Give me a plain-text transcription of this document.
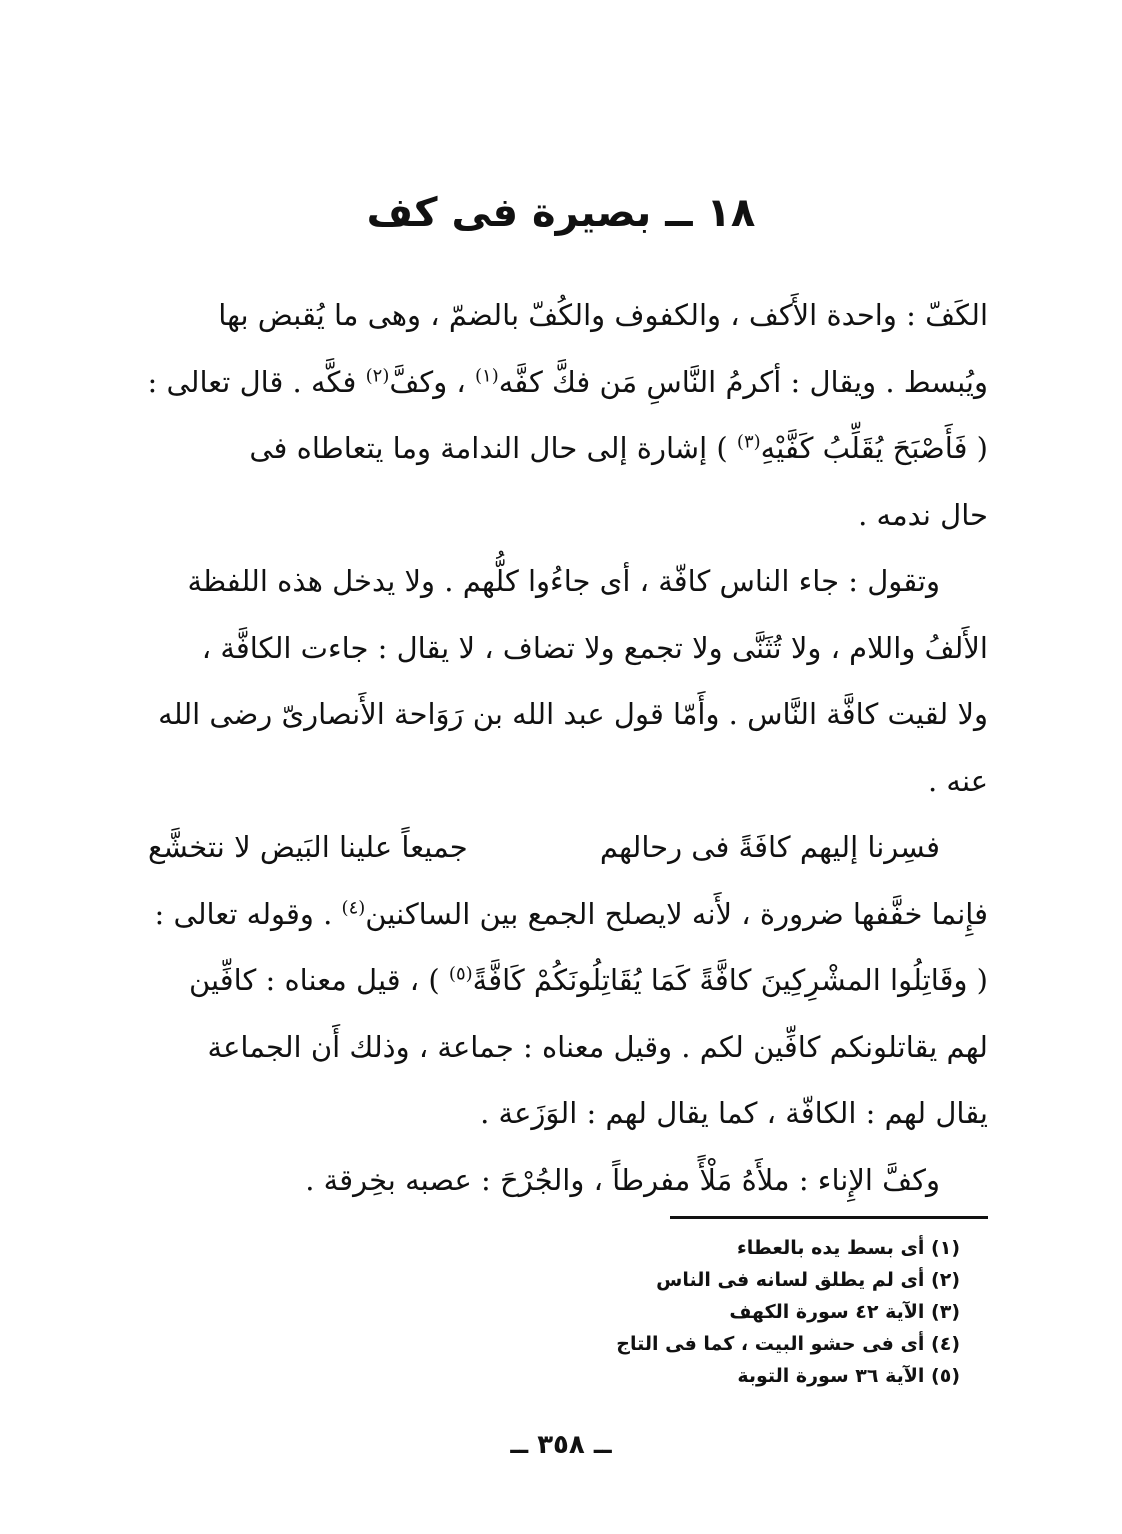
١٨ ــ بصيرة فى كف

الكَفّ : واحدة الأَكف ، والكفوف والكُفّ بالضمّ ، وهى ما يُقبض بها
ويُبسط . ويقال : أكرمُ النَّاسِ مَن فكَّ كفَّه$^{(١)}$ ، وكفَّ$^{(٢)}$ فكَّه . قال تعالى :
( فَأَصْبَحَ يُقَلِّبُ كَفَّيْهِ$^{(٣)}$ ) إشارة إلى حال الندامة وما يتعاطاه فى
حال ندمه .

وتقول : جاء الناس كافّة ، أى جاءُوا كلُّهم . ولا يدخل هذه اللفظة
الأَلفُ واللام ، ولا تُثَنَّى ولا تجمع ولا تضاف ، لا يقال : جاءت الكافَّة ،
ولا لقيت كافَّة النَّاس . وأَمّا قول عبد الله بن رَوَاحة الأَنصارىّ رضى الله
عنه .

فسِرنا إليهم كافَةً فى رحالهم
جميعاً علينا البَيض لا نتخشَّع

فإِنما خفَّفها ضرورة ، لأَنه لايصلح الجمع بين الساكنين$^{(٤)}$ . وقوله تعالى :
( وقَاتِلُوا المشْرِكِينَ كافَّةً كَمَا يُقَاتِلُونَكُمْ كَافَّةً$^{(٥)}$ ) ، قيل معناه : كافِّين
لهم يقاتلونكم كافِّين لكم . وقيل معناه : جماعة ، وذلك أَن الجماعة
يقال لهم : الكافّة ، كما يقال لهم : الوَزَعة .

وكفَّ الإِناء : ملأَهُ مَلْأً مفرطاً ، والجُرْحَ : عصبه بخِرقة .

(١) أى بسط يده بالعطاء
(٢) أى لم يطلق لسانه فى الناس
(٣) الآية ٤٢ سورة الكهف
(٤) أى فى حشو البيت ، كما فى التاج
(٥) الآية ٣٦ سورة التوبة
ــ ٣٥٨ ــ
